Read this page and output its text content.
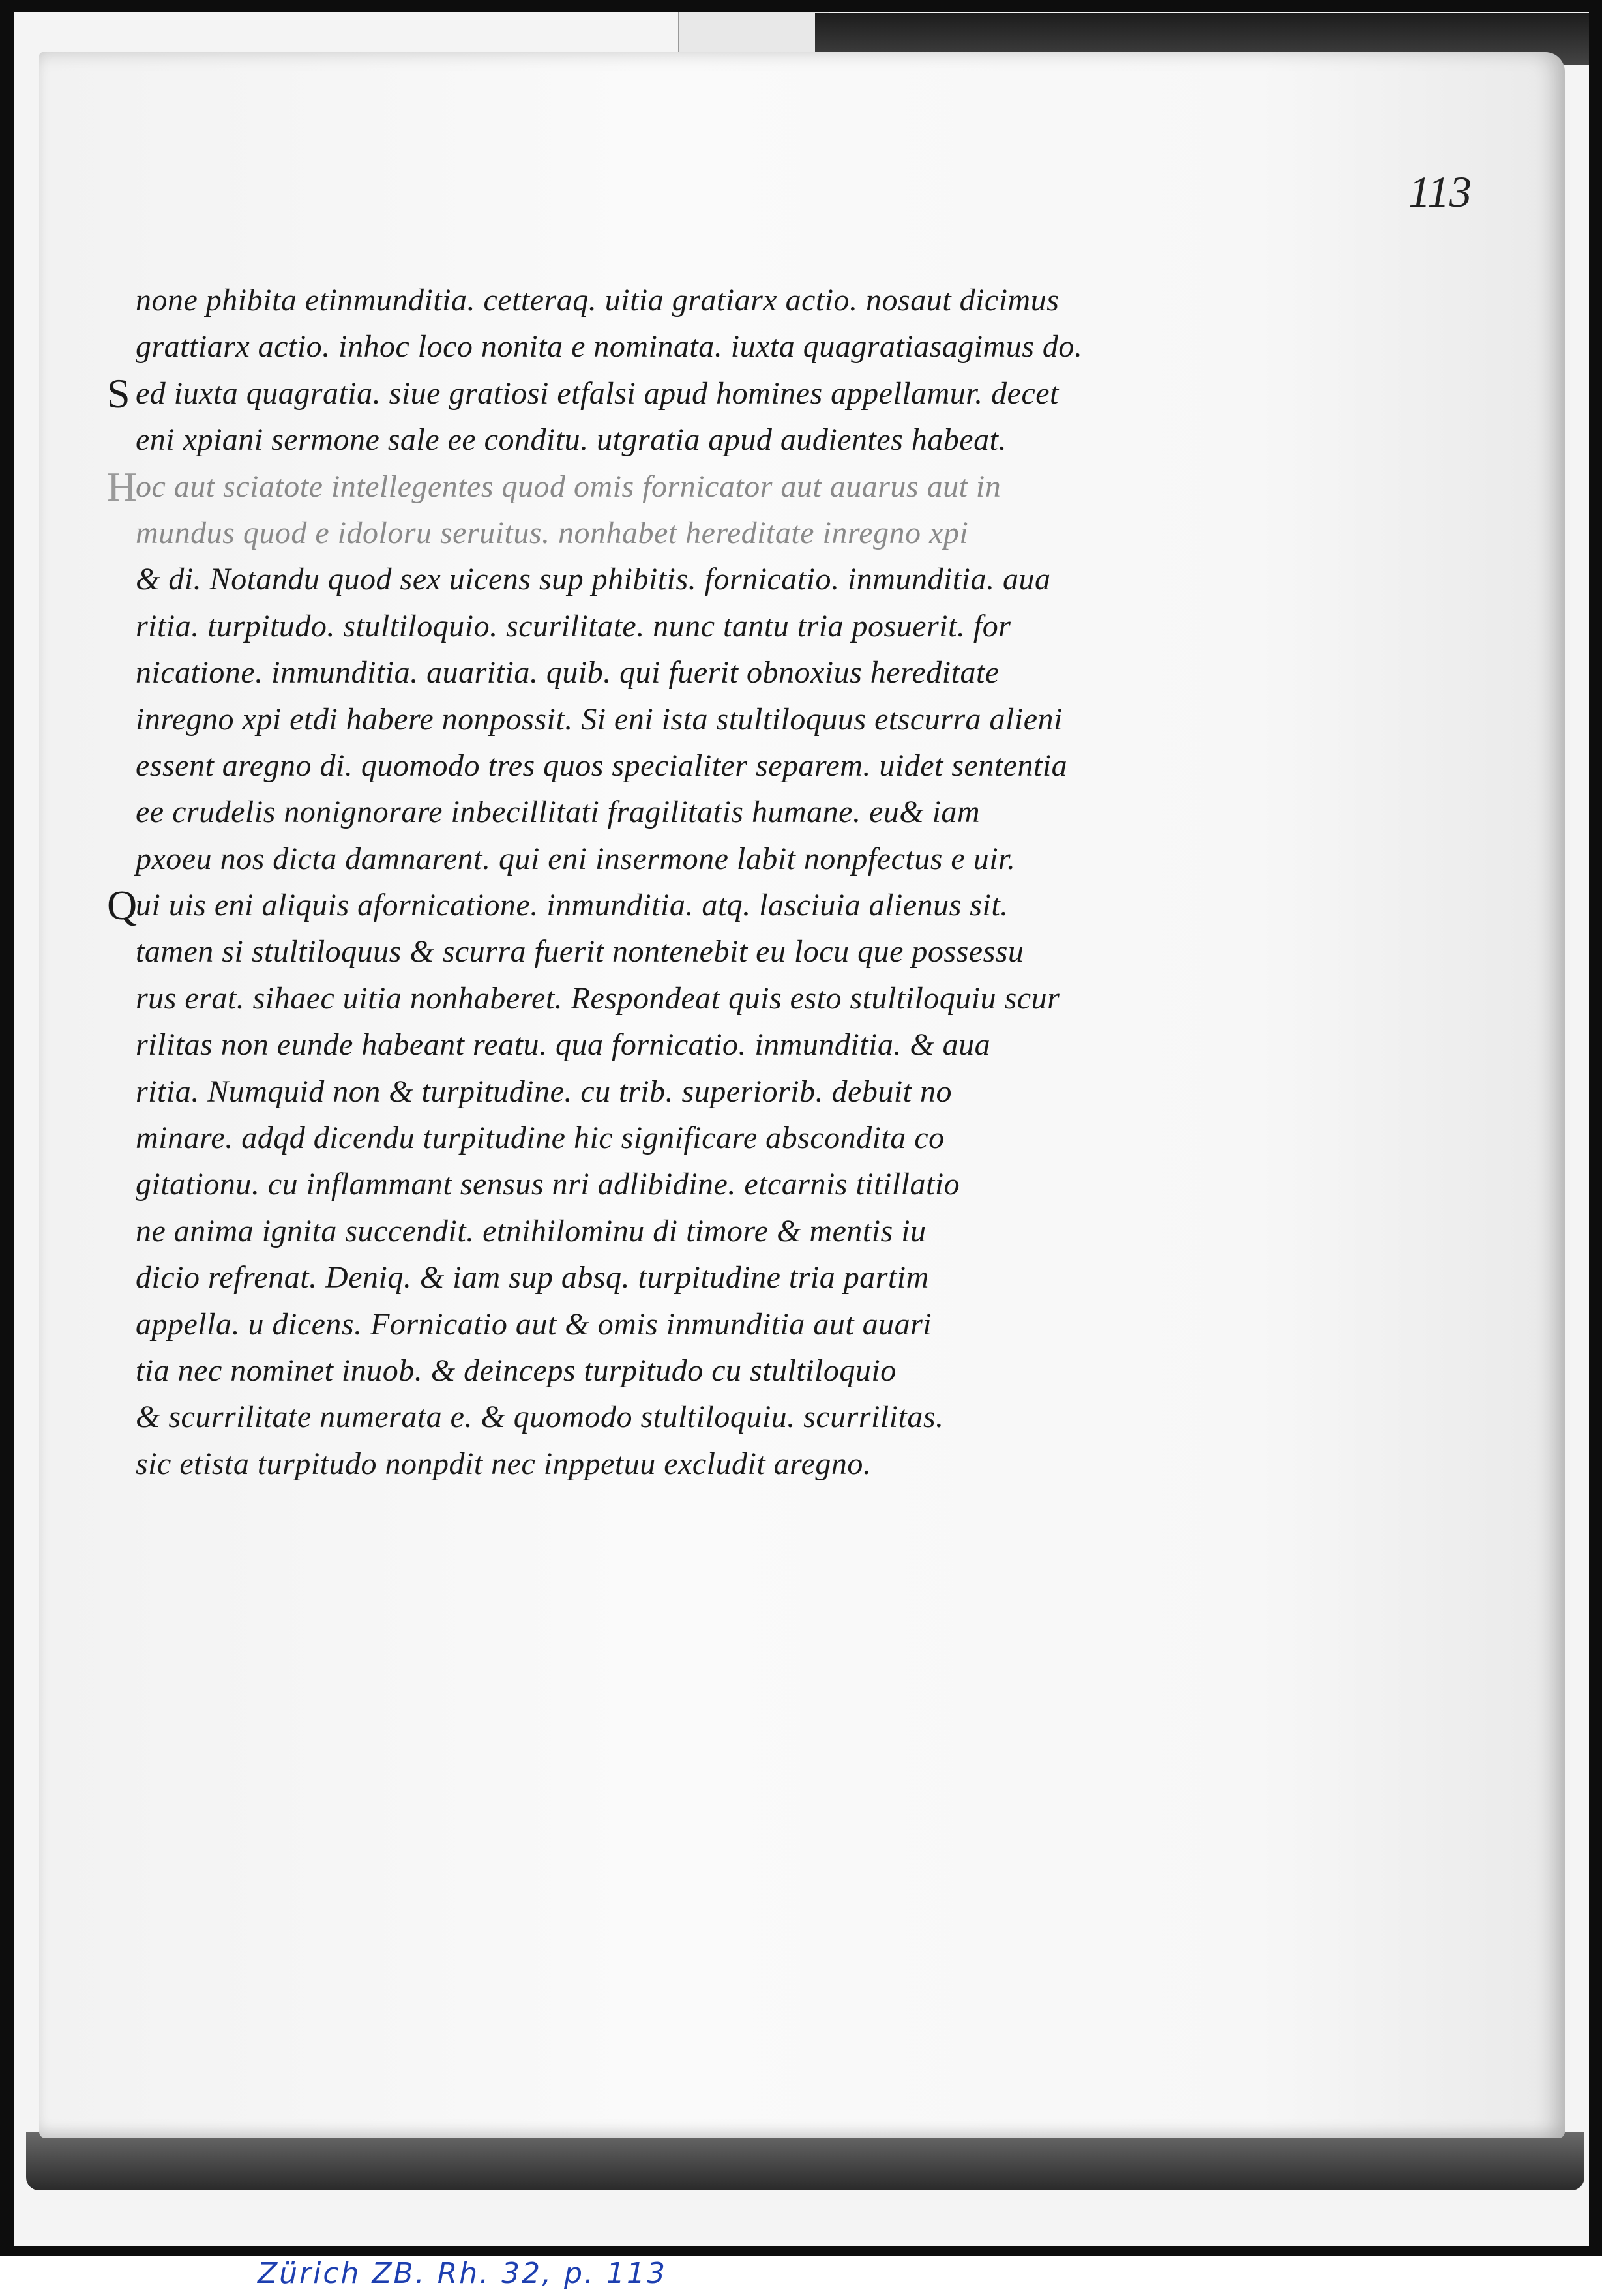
113
none phibita etinmunditia. cetteraq. uitia gratiarx actio. nosaut dicimus
grattiarx actio. inhoc loco nonita e nominata. iuxta quagratiasagimus do.
S ed iuxta quagratia. siue gratiosi etfalsi apud homines appellamur. decet
eni xpiani sermone sale ee conditu. utgratia apud audientes habeat.
H
oc aut sciatote intellegentes quod omis fornicator aut auarus aut in
mundus quod e idoloru seruitus. nonhabet hereditate inregno xpi
& di. Notandu quod sex uicens sup phibitis. fornicatio. inmunditia. aua
ritia. turpitudo. stultiloquio. scurilitate. nunc tantu tria posuerit. for
nicatione. inmunditia. auaritia. quib. qui fuerit obnoxius hereditate
inregno xpi etdi habere nonpossit. Si eni ista stultiloquus etscurra alieni
essent aregno di. quomodo tres quos specialiter separem. uidet sententia
ee crudelis nonignorare inbecillitati fragilitatis humane. eu& iam
pxoeu nos dicta damnarent. qui eni insermone labit nonpfectus e uir.
Q
ui uis eni aliquis afornicatione. inmunditia. atq. lasciuia alienus sit.
tamen si stultiloquus & scurra fuerit nontenebit eu locu que possessu
rus erat. sihaec uitia nonhaberet. Respondeat quis esto stultiloquiu scur
rilitas non eunde habeant reatu. qua fornicatio. inmunditia. & aua
ritia. Numquid non & turpitudine. cu trib. superiorib. debuit no
minare. adqd dicendu turpitudine hic significare abscondita co
gitationu. cu inflammant sensus nri adlibidine. etcarnis titillatio
ne anima ignita succendit. etnihilominu di timore & mentis iu
dicio refrenat. Deniq. & iam sup absq. turpitudine tria partim
appella. u dicens. Fornicatio aut & omis inmunditia aut auari
tia nec nominet inuob. & deinceps turpitudo cu stultiloquio
& scurrilitate numerata e. & quomodo stultiloquiu. scurrilitas.
sic etista turpitudo nonpdit nec inppetuu excludit aregno.
Zürich ZB. Rh. 32, p. 113
